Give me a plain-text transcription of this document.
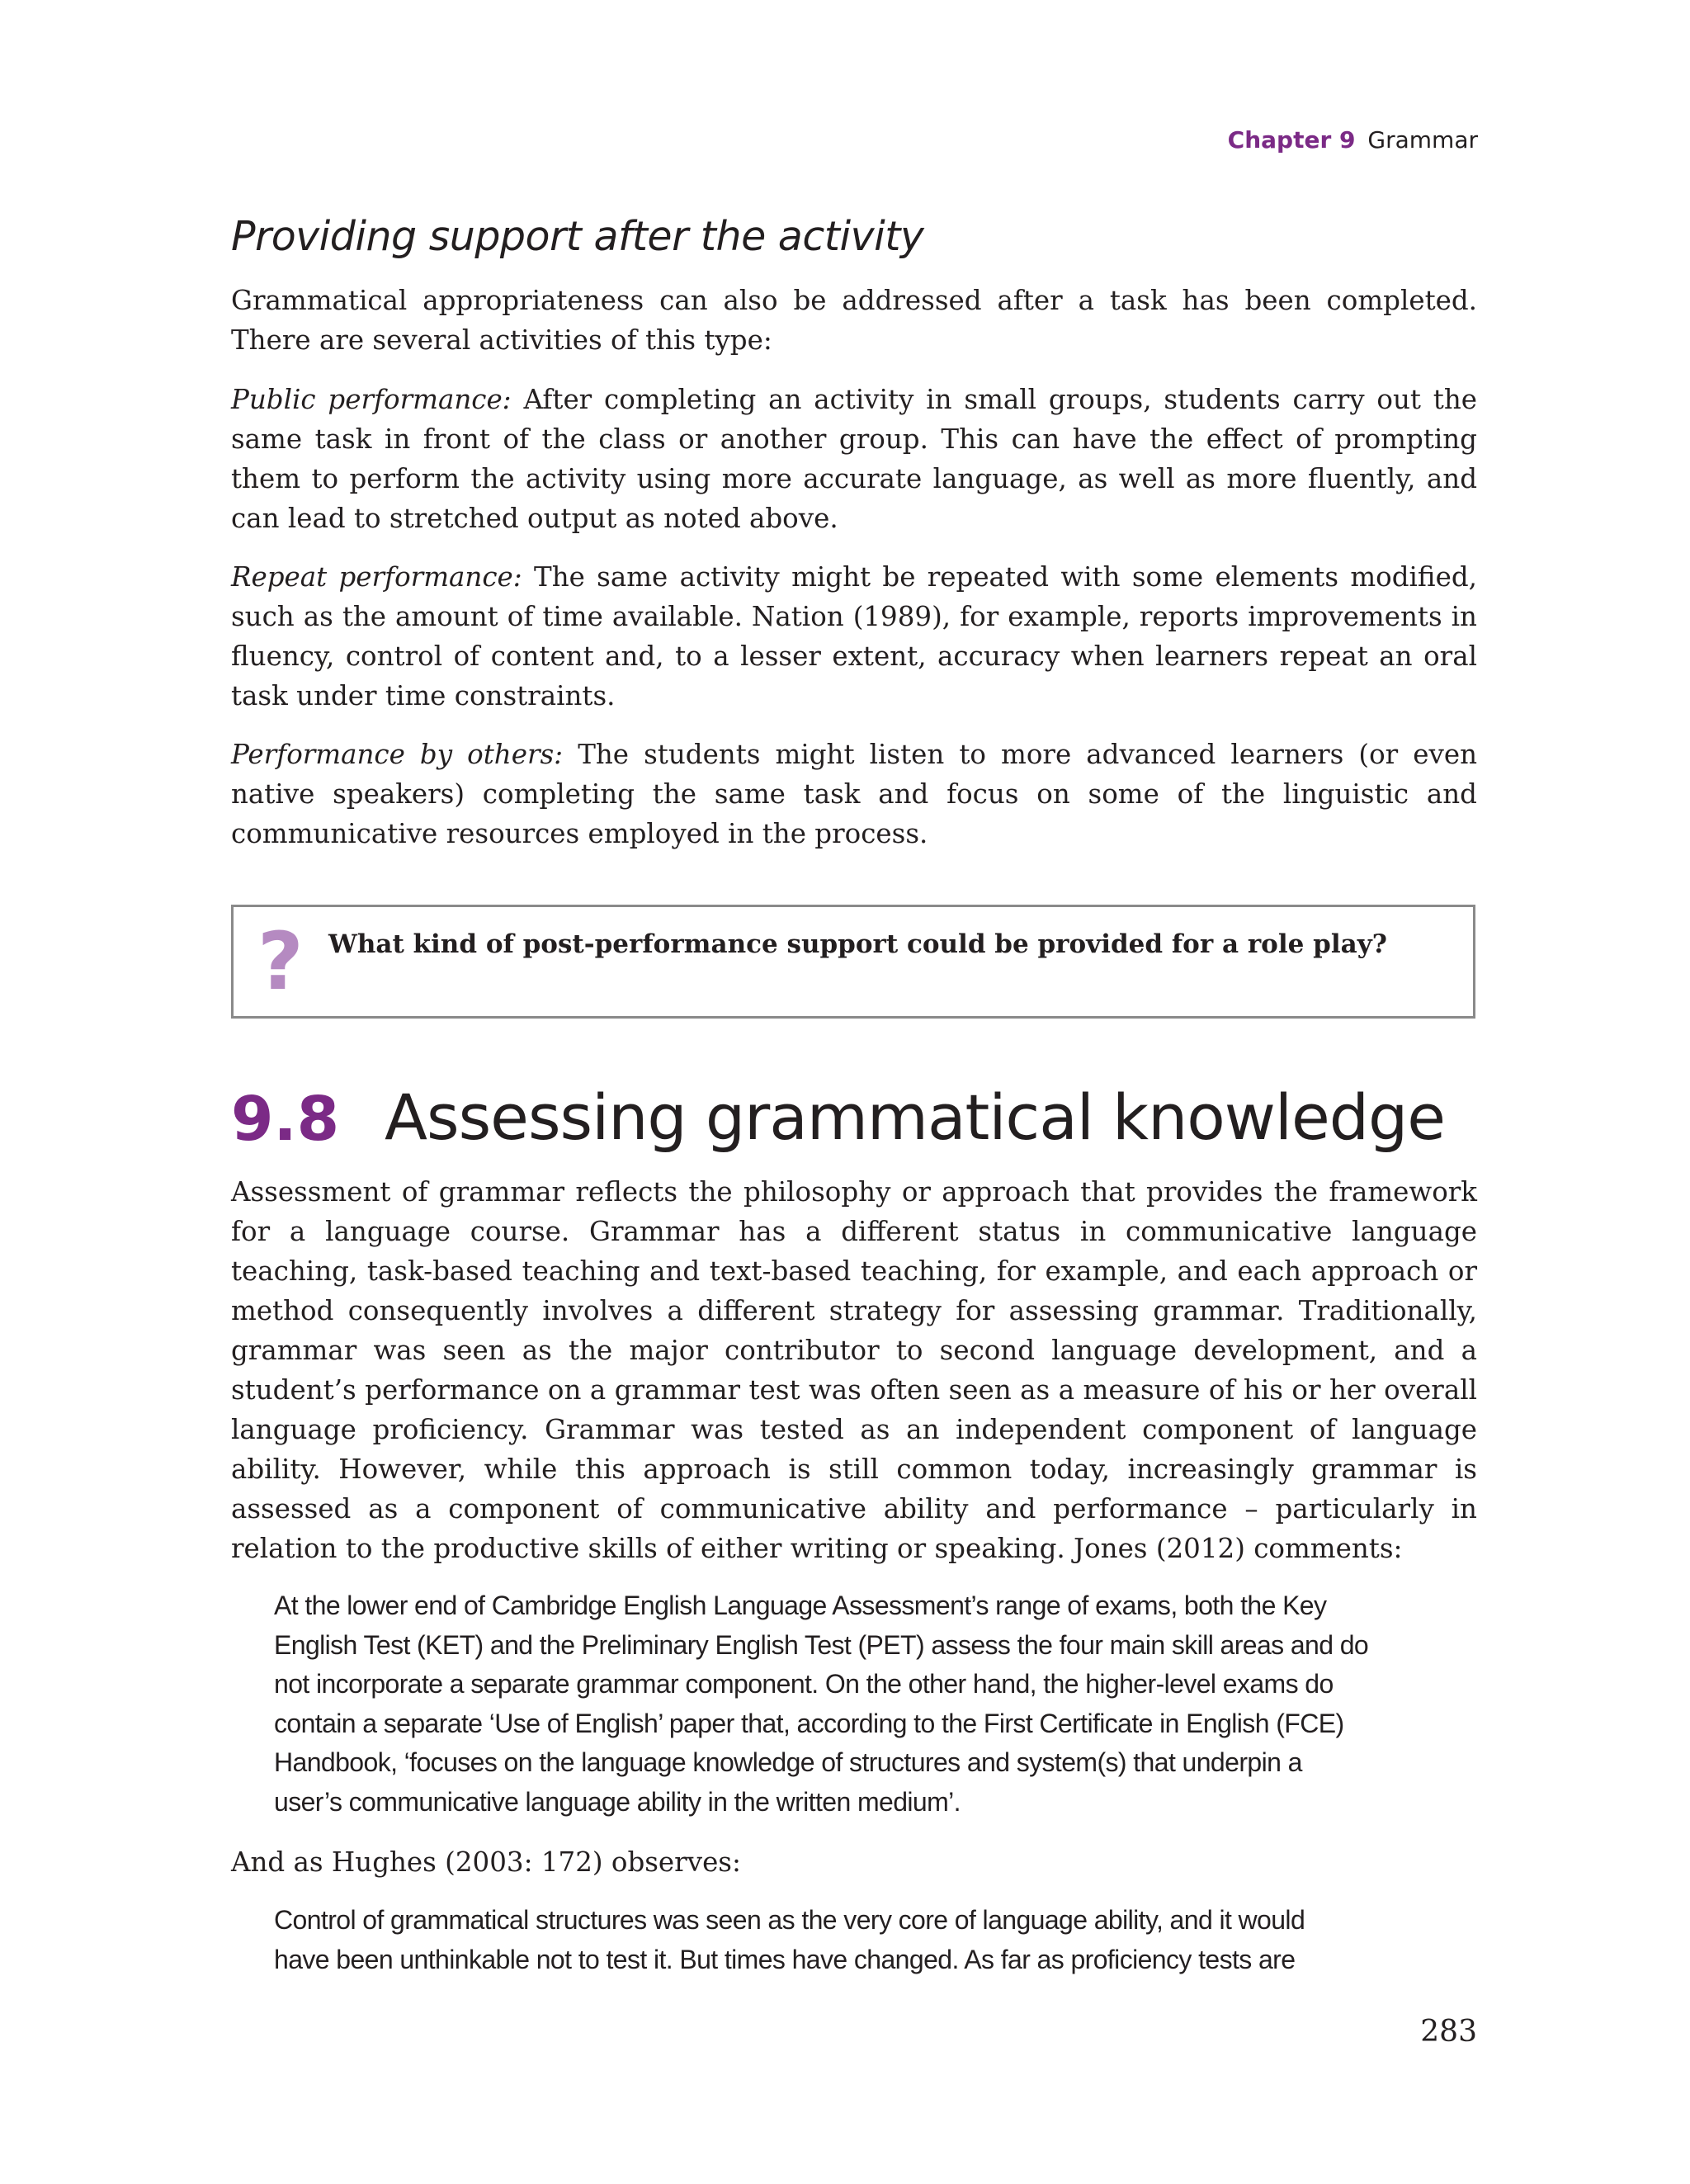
Chapter 9 Grammar
Providing support after the activity

Grammatical appropriateness can also be addressed after a task has been completed. There are several activities of this type:

Public performance: After completing an activity in small groups, students carry out the same task in front of the class or another group. This can have the effect of prompting them to perform the activity using more accurate language, as well as more fluently, and can lead to stretched output as noted above.

Repeat performance: The same activity might be repeated with some elements modified, such as the amount of time available. Nation (1989), for example, reports improvements in fluency, control of content and, to a lesser extent, accuracy when learners repeat an oral task under time constraints.

Performance by others: The students might listen to more advanced learners (or even native speakers) completing the same task and focus on some of the linguistic and communicative resources employed in the process.

? What kind of post-performance support could be provided for a role play?
9.8 Assessing grammatical knowledge

Assessment of grammar reflects the philosophy or approach that provides the framework for a language course. Grammar has a different status in communicative language teaching, task-based teaching and text-based teaching, for example, and each approach or method consequently involves a different strategy for assessing grammar. Traditionally, grammar was seen as the major contributor to second language development, and a student’s performance on a grammar test was often seen as a measure of his or her overall language proficiency. Grammar was tested as an independent component of language ability. However, while this approach is still common today, increasingly grammar is assessed as a component of communicative ability and performance – particularly in relation to the productive skills of either writing or speaking. Jones (2012) comments:

At the lower end of Cambridge English Language Assessment’s range of exams, both the Key
English Test (KET) and the Preliminary English Test (PET) assess the four main skill areas and do
not incorporate a separate grammar component. On the other hand, the higher-level exams do
contain a separate ‘Use of English’ paper that, according to the First Certificate in English (FCE)
Handbook, ‘focuses on the language knowledge of structures and system(s) that underpin a
user’s communicative language ability in the written medium’.

And as Hughes (2003: 172) observes:

Control of grammatical structures was seen as the very core of language ability, and it would
have been unthinkable not to test it. But times have changed. As far as proficiency tests are
283
